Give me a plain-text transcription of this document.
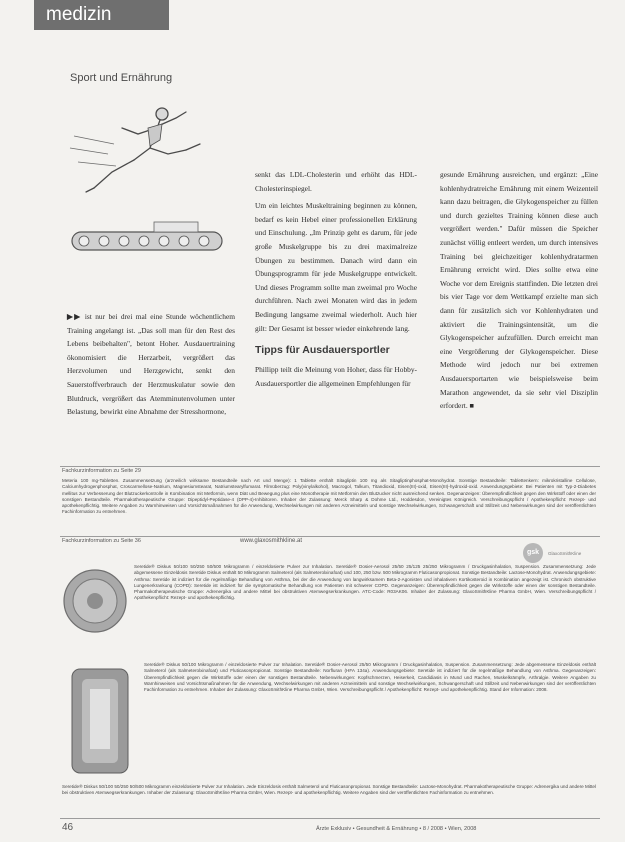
medizin
Sport und Ernährung

▶▶ ist nur bei drei mal eine Stunde wöchentlichem Training angelangt ist. „Das soll man für den Rest des Lebens beibehalten", betont Hoher. Ausdauertraining ökonomisiert die Herzarbeit, vergrößert das Herzvolumen und Herzgewicht, senkt den Sauerstoffverbrauch der Herzmuskulatur sowie den Blutdruck, vergrößert das Atemminutenvolumen unter Belastung, bewirkt eine Abnahme der Stresshormone,

senkt das LDL-Cholesterin und erhöht das HDL-Cholesterinspiegel.

Um ein leichtes Muskeltraining beginnen zu können, bedarf es kein Hebel einer professionellen Erklärung und Einschulung. „Im Prinzip geht es darum, für jede große Muskelgruppe bis zu drei maximalreize Übungen zu bestimmen. Danach wird dann ein Übungsprogramm für jede Muskelgruppe entwickelt. Und dieses Programm sollte man zweimal pro Woche durchführen. Nach zwei Monaten wird das in jedem Bedingung langsame zweimal wiederholt. Auch hier gilt: Der Gesamt ist besser wieder einkehrende lang.

Tipps für Ausdauersportler

Phillipp teilt die Meinung von Hoher, dass für Hobby-Ausdauersportler die allgemeinen Empfehlungen für

gesunde Ernährung ausreichen, und ergänzt: „Eine kohlenhydratreiche Ernährung mit einem Weizenteil kann dazu beitragen, die Glykogenspeicher zu füllen und durch gezieltes Training können diese auch vergrößert werden." Dafür müssen die Speicher zunächst völlig entleert werden, um durch intensives Training bei gleichzeitiger kohlenhydratarmen Ernährung erreicht wird. Dies sollte etwa eine Woche vor dem Ereignis stattfinden. Die letzten drei bis vier Tage vor dem Wettkampf erzielte man sich dann für zusätzlich sich vor Kohlenhydraten und aktiviert die Trainingsintensität, um die Glykogenspeicher aufzufüllen. Durch erreicht man eine Vergrößerung der Glykogenspeicher. Diese Methode wird jedoch nur bei extremen Ausdauersportarten wie beispielsweise beim Marathon angewendet, da sie sehr viel Disziplin erfordert. ■

Fachkurzinformation zu Seite 29
Meteria 100 mg-Tabletten. Zusammensetzung (arzneilich wirksame Bestandteile nach Art und Menge): 1 Tablette enthält Sitagliptin 100 mg als Sitagliptinphosphat-Monohydrat. Sonstige Bestandteile: Tablettenkern: mikrokristalline Cellulose, Calciumhydrogenphosphat, Croscarmellose-Natrium, Magnesiumstearat, Natriumstearylfumarat. Filmüberzug: Poly(vinylalkohol), Macrogol, Talkum, Titandioxid, Eisen(III)-oxid, Eisen(III)-hydroxid-oxid. Anwendungsgebiete: Bei Patienten mit Typ-2-Diabetes mellitus zur Verbesserung der Blutzuckerkontrolle in Kombination mit Metformin, wenn Diät und Bewegung plus eine Monotherapie mit Metformin den Blutzucker nicht ausreichend senken. Gegenanzeigen: Überempfindlichkeit gegen den Wirkstoff oder einen der sonstigen Bestandteile. Pharmakotherapeutische Gruppe: Dipeptidyl-Peptidase-4 (DPP-4)-Inhibitoren. Inhaber der Zulassung: Merck Sharp & Dohme Ltd., Hoddesdon, Vereinigtes Königreich. Verschreibungspflicht / Apothekenpflicht: Rezept- und apothekenpflichtig. Weitere Angaben zu Warnhinweisen und Vorsichtsmaßnahmen für die Anwendung, Wechselwirkungen mit anderen Arzneimitteln und sonstige Wechselwirkungen, Schwangerschaft und Stillzeit und Nebenwirkungen sind der veröffentlichten Fachinformation zu entnehmen.
Fachkurzinformation zu Seite 36	www.glaxosmithkline.at
gsk	GlaxoSmithKline
Seretide® Diskus 50/100 50/250 50/500 Mikrogramm / einzeldosierte Pulver zur Inhalation. Seretide® Dosier-Aerosol 25/50 25/125 25/250 Mikrogramm / Druckgasinhalation, Suspension. Zusammensetzung: Jede abgemessene Einzeldosis Seretide Diskus enthält 50 Mikrogramm Salmeterol (als Salmeterolxinafoat) und 100, 250 bzw. 500 Mikrogramm Fluticasonpropionat. Sonstige Bestandteile: Lactose-Monohydrat. Anwendungsgebiete: Asthma: Seretide ist indiziert für die regelmäßige Behandlung von Asthma, bei der die Anwendung von langwirksamem Beta-2-Agonisten und inhalativem Kortikosteroid in Kombination angezeigt ist. Chronisch obstruktive Lungenerkrankung (COPD): Seretide ist indiziert für die symptomatische Behandlung von Patienten mit schwerer COPD. Gegenanzeigen: Überempfindlichkeit gegen die Wirkstoffe oder einen der sonstigen Bestandteile. Pharmakotherapeutische Gruppe: Adrenergika und andere Mittel bei obstruktiven Atemwegserkrankungen. ATC-Code: R03AK06. Inhaber der Zulassung: GlaxoSmithKline Pharma GmbH, Wien. Verschreibungspflicht / Apothekenpflicht: Rezept- und apothekenpflichtig.
Seretide® Diskus 50/100 Mikrogramm / einzeldosierte Pulver zur Inhalation. Seretide® Dosier-Aerosol 25/50 Mikrogramm / Druckgasinhalation, Suspension. Zusammensetzung: Jede abgemessene Einzeldosis enthält Salmeterol (als Salmeterolxinafoat) und Fluticasonpropionat. Sonstige Bestandteile: Norfluran (HFA 134a). Anwendungsgebiete: Seretide ist indiziert für die regelmäßige Behandlung von Asthma. Gegenanzeigen: Überempfindlichkeit gegen die Wirkstoffe oder einen der sonstigen Bestandteile. Nebenwirkungen: Kopfschmerzen, Heiserkeit, Candidiasis in Mund und Rachen, Muskelkrämpfe, Arthralgie. Weitere Angaben zu Warnhinweisen und Vorsichtsmaßnahmen für die Anwendung, Wechselwirkungen mit anderen Arzneimitteln und sonstige Wechselwirkungen, Schwangerschaft und Stillzeit und Nebenwirkungen sind der veröffentlichten Fachinformation zu entnehmen. Inhaber der Zulassung: GlaxoSmithKline Pharma GmbH, Wien. Verschreibungspflicht / Apothekenpflicht: Rezept- und apothekenpflichtig. Stand der Information: 2008.
Seretide® Diskus 50/100 50/250 50/500 Mikrogramm einzeldosierte Pulver zur Inhalation. Jede Einzeldosis enthält Salmeterol und Fluticasonpropionat. Sonstige Bestandteile: Lactose-Monohydrat. Pharmakotherapeutische Gruppe: Adrenergika und andere Mittel bei obstruktiven Atemwegserkrankungen. Inhaber der Zulassung: GlaxoSmithKline Pharma GmbH, Wien. Rezept- und apothekenpflichtig. Weitere Angaben sind der veröffentlichten Fachinformation zu entnehmen.
46	Ärzte Exklusiv • Gesundheit & Ernährung • 8 / 2008 • Wien, 2008
